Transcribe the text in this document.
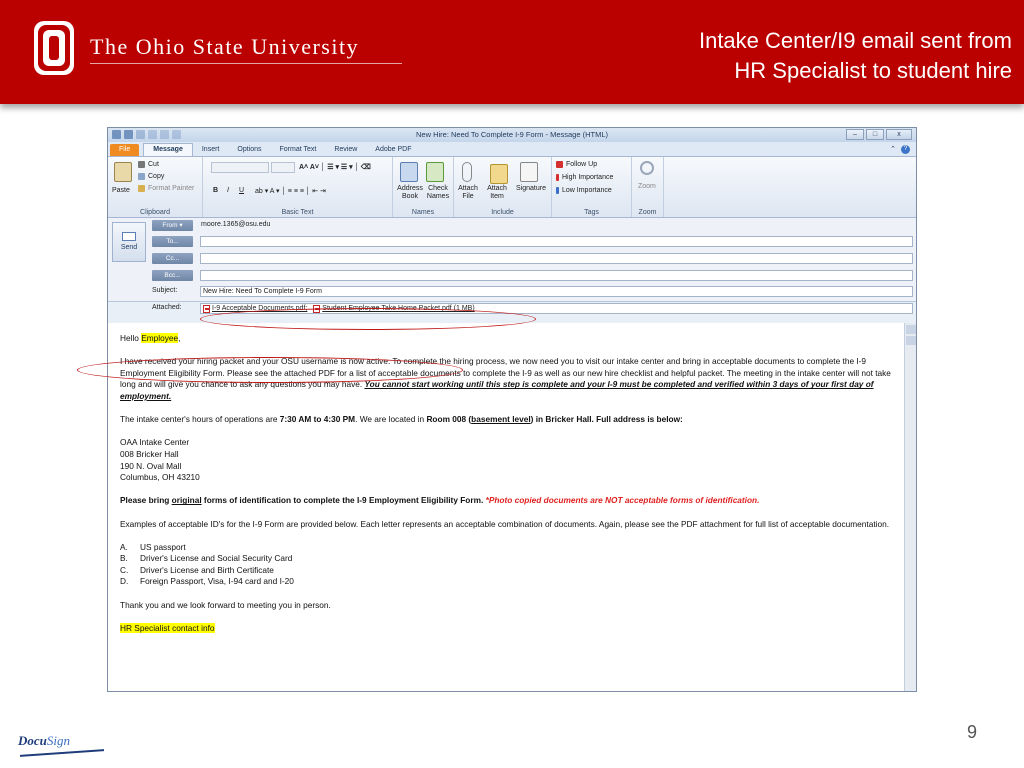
The Ohio State University	Intake Center/I9 email sent from
HR Specialist to student hire
New Hire: Need To Complete I-9 Form - Message (HTML)	–	□	x
File	Message	Insert	Options	Format Text	Review	Adobe PDF	⌃	?
Paste
Cut
Copy
Format Painter
Clipboard
A˄ A˅ │ ☰ ▾ ☰ ▾ │ ⌫
B I U ab ▾ A ▾ │ ≡ ≡ ≡ │ ⇤ ⇥
Basic Text
Address Book
Check Names
Names
Attach File
Attach Item
Signature
Include
Follow Up
High Importance
Low Importance
Tags
Zoom
Zoom
Send
From ▾	moore.1365@osu.edu
To...
Cc...
Bcc...
Subject:	New Hire: Need To Complete I-9 Form
Attached:	I-9 Acceptable Documents.pdf;
Student Employee Take Home Packet.pdf (1 MB)

Hello Employee,

I have received your hiring packet and your OSU username is now active. To complete the hiring process, we now need you to visit our intake center and bring in acceptable documents to complete the I-9 Employment Eligibility Form. Please see the attached PDF for a list of acceptable documents to complete the I-9 as well as our new hire checklist and helpful packet. The meeting in the intake center will not take long and will give you chance to ask any questions you may have. You cannot start working until this step is complete and your I-9 must be completed and verified within 3 days of your first day of employment.

The intake center's hours of operations are 7:30 AM to 4:30 PM. We are located in Room 008 (basement level) in Bricker Hall. Full address is below:

OAA Intake Center
008 Bricker Hall
190 N. Oval Mall
Columbus, OH 43210

Please bring original forms of identification to complete the I-9 Employment Eligibility Form. *Photo copied documents are NOT acceptable forms of identification.

Examples of acceptable ID's for the I-9 Form are provided below. Each letter represents an acceptable combination of documents. Again, please see the PDF attachment for full list of acceptable documentation.

A. US passport
B. Driver's License and Social Security Card
C. Driver's License and Birth Certificate
D. Foreign Passport, Visa, I-94 card and I-20

Thank you and we look forward to meeting you in person.

HR Specialist contact info

DocuSign	9
